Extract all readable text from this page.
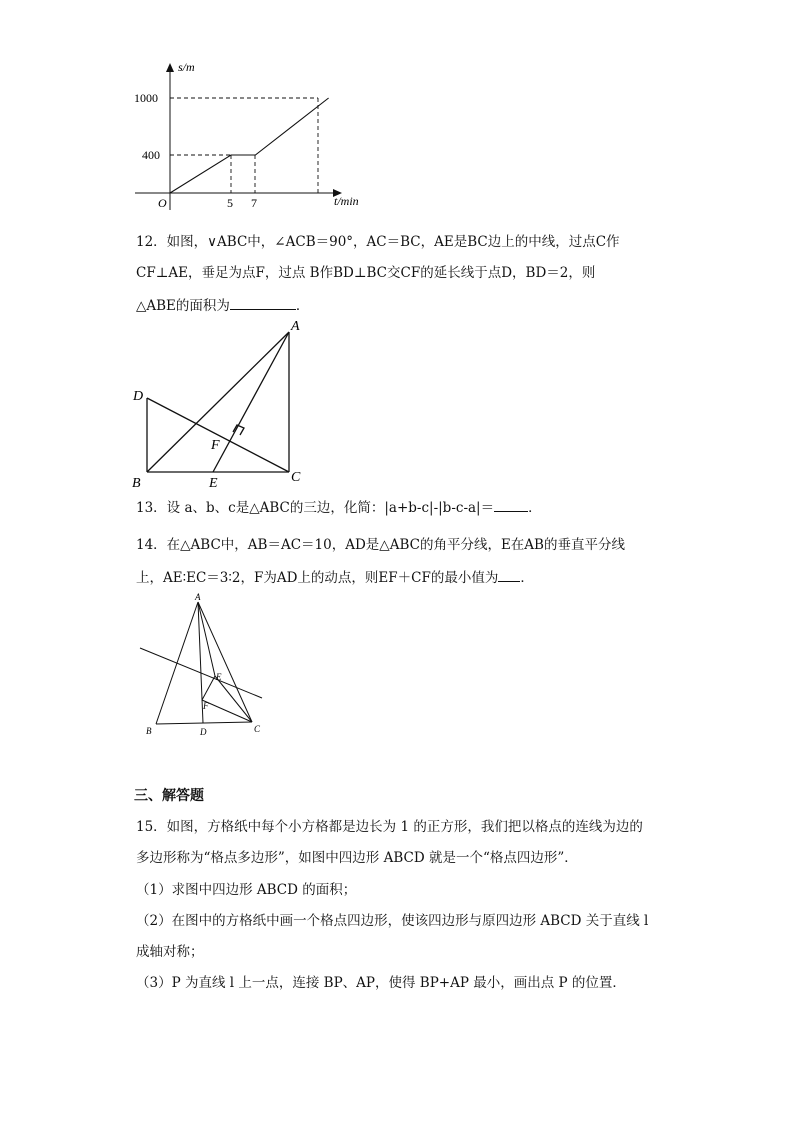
s/m
t/min
O
1000
400
5 7
12．如图，∨ABC中，∠ACB＝90°，AC＝BC，AE是BC边上的中线，过点C作
CF⊥AE，垂足为点F，过点 B作BD⊥BC交CF的延长线于点D，BD＝2，则
△ABE的面积为	．
A
D
F
B	E	C
13．设 a、b、c是△ABC的三边，化简：|a+b-c|-|b-c-a|＝	．
14．在△ABC中，AB＝AC＝10，AD是△ABC的角平分线，E在AB的垂直平分线
上，AE∶EC＝3∶2，F为AD上的动点，则EF＋CF的最小值为 ．
A
E
F
B	D	C
三、解答题
15．如图，方格纸中每个小方格都是边长为 1 的正方形，我们把以格点的连线为边的
多边形称为“格点多边形”，如图中四边形 ABCD 就是一个“格点四边形”．
（1）求图中四边形 ABCD 的面积；
（2）在图中的方格纸中画一个格点四边形，使该四边形与原四边形 ABCD 关于直线 l
成轴对称；
（3）P 为直线 l 上一点，连接 BP、AP，使得 BP+AP 最小，画出点 P 的位置．
